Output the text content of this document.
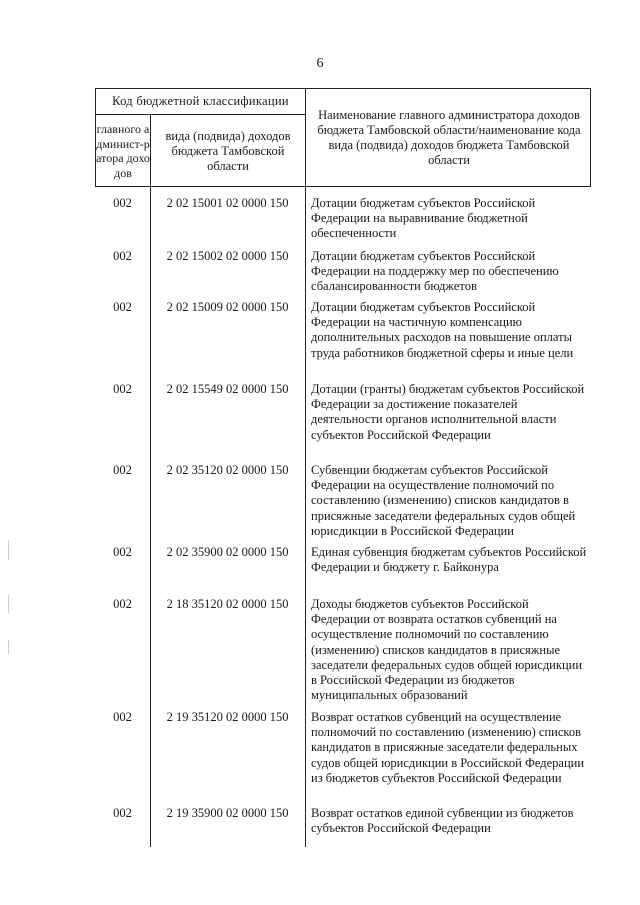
6
Код бюджетной классификации
главного админист-ратора доходов
вида (подвида) доходов бюджета Тамбовской области
Наименование главного администратора доходов бюджета Тамбовской области/наименование кода вида (подвида) доходов бюджета Тамбовской области
002	2 02 15001 02 0000 150	Дотации бюджетам субъектов Российской Федерации на выравнивание бюджетной обеспеченности
002	2 02 15002 02 0000 150	Дотации бюджетам субъектов Российской Федерации на поддержку мер по обеспечению сбалансированности бюджетов
002	2 02 15009 02 0000 150	Дотации бюджетам субъектов Российской Федерации на частичную компенсацию дополнительных расходов на повышение оплаты труда работников бюджетной сферы и иные цели
002	2 02 15549 02 0000 150	Дотации (гранты) бюджетам субъектов Российской Федерации за достижение показателей деятельности органов исполнительной власти субъектов Российской Федерации
002	2 02 35120 02 0000 150	Субвенции бюджетам субъектов Российской Федерации на осуществление полномочий по составлению (изменению) списков кандидатов в присяжные заседатели федеральных судов общей юрисдикции в Российской Федерации
002	2 02 35900 02 0000 150	Единая субвенция бюджетам субъектов Российской Федерации и бюджету г. Байконура
002	2 18 35120 02 0000 150	Доходы бюджетов субъектов Российской Федерации от возврата остатков субвенций на осуществление полномочий по составлению (изменению) списков кандидатов в присяжные заседатели федеральных судов общей юрисдикции в Российской Федерации из бюджетов муниципальных образований
002	2 19 35120 02 0000 150	Возврат остатков субвенций на осуществление полномочий по составлению (изменению) списков кандидатов в присяжные заседатели федеральных судов общей юрисдикции в Российской Федерации из бюджетов субъектов Российской Федерации
002	2 19 35900 02 0000 150	Возврат остатков единой субвенции из бюджетов субъектов Российской Федерации
